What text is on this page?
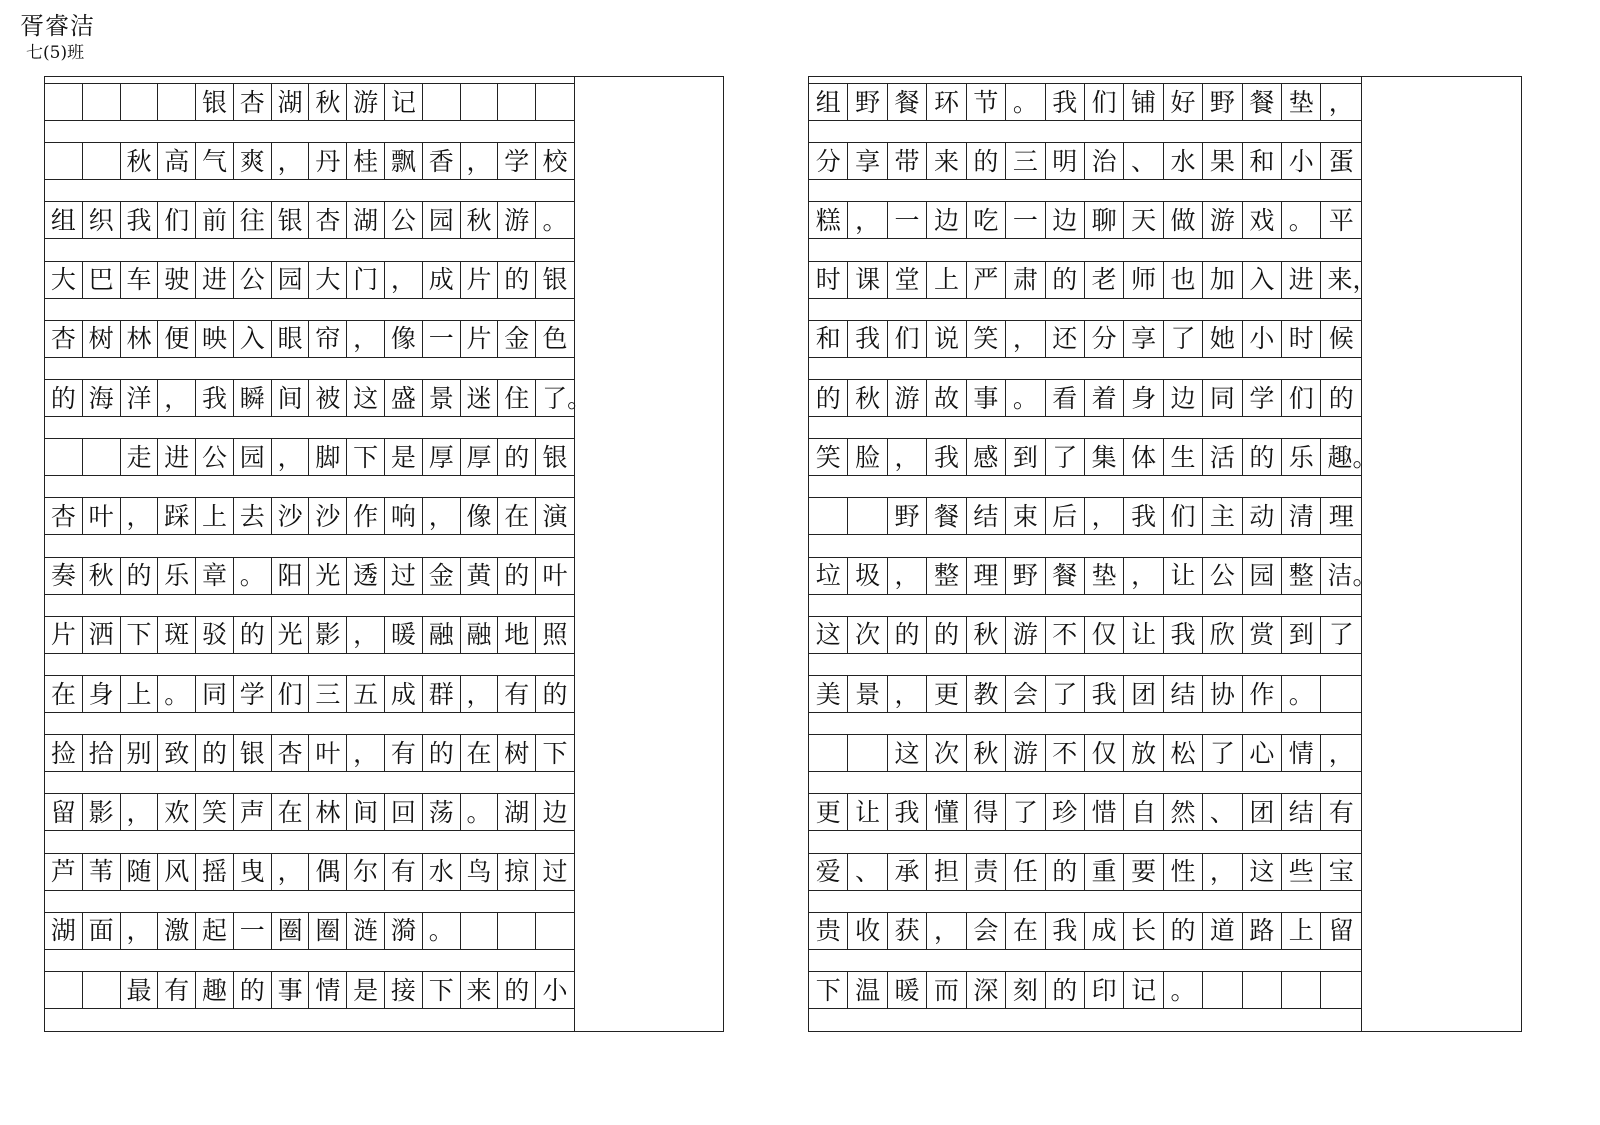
胥睿洁
七(5)班
银 杏 湖 秋 游 记
秋 高 气 爽 ， 丹 桂 飘 香 ， 学 校
组 织 我 们 前 往 银 杏 湖 公 园 秋 游 。
大 巴 车 驶 进 公 园 大 门 ， 成 片 的 银
杏 树 林 便 映 入 眼 帘 ， 像 一 片 金 色
的 海 洋 ， 我 瞬 间 被 这 盛 景 迷 住 了。
走 进 公 园 ， 脚 下 是 厚 厚 的 银
杏 叶 ， 踩 上 去 沙 沙 作 响 ， 像 在 演
奏 秋 的 乐 章 。 阳 光 透 过 金 黄 的 叶
片 洒 下 斑 驳 的 光 影 ， 暖 融 融 地 照
在 身 上 。 同 学 们 三 五 成 群 ， 有 的
捡 拾 别 致 的 银 杏 叶 ， 有 的 在 树 下
留 影 ， 欢 笑 声 在 林 间 回 荡 。 湖 边
芦 苇 随 风 摇 曳 ， 偶 尔 有 水 鸟 掠 过
湖 面 ， 激 起 一 圈 圈 涟 漪 。
最 有 趣 的 事 情 是 接 下 来 的 小
组 野 餐 环 节 。 我 们 铺 好 野 餐 垫 ，
分 享 带 来 的 三 明 治 、 水 果 和 小 蛋
糕 ， 一 边 吃 一 边 聊 天 做 游 戏 。 平
时 课 堂 上 严 肃 的 老 师 也 加 入 进 来，
和 我 们 说 笑 ， 还 分 享 了 她 小 时 候
的 秋 游 故 事 。 看 着 身 边 同 学 们 的
笑 脸 ， 我 感 到 了 集 体 生 活 的 乐 趣。
野 餐 结 束 后 ， 我 们 主 动 清 理
垃 圾 ， 整 理 野 餐 垫 ， 让 公 园 整 洁。
这 次 的 的 秋 游 不 仅 让 我 欣 赏 到 了
美 景 ， 更 教 会 了 我 团 结 协 作 。
这 次 秋 游 不 仅 放 松 了 心 情 ，
更 让 我 懂 得 了 珍 惜 自 然 、 团 结 有
爱 、 承 担 责 任 的 重 要 性 ， 这 些 宝
贵 收 获 ， 会 在 我 成 长 的 道 路 上 留
下 温 暖 而 深 刻 的 印 记 。
